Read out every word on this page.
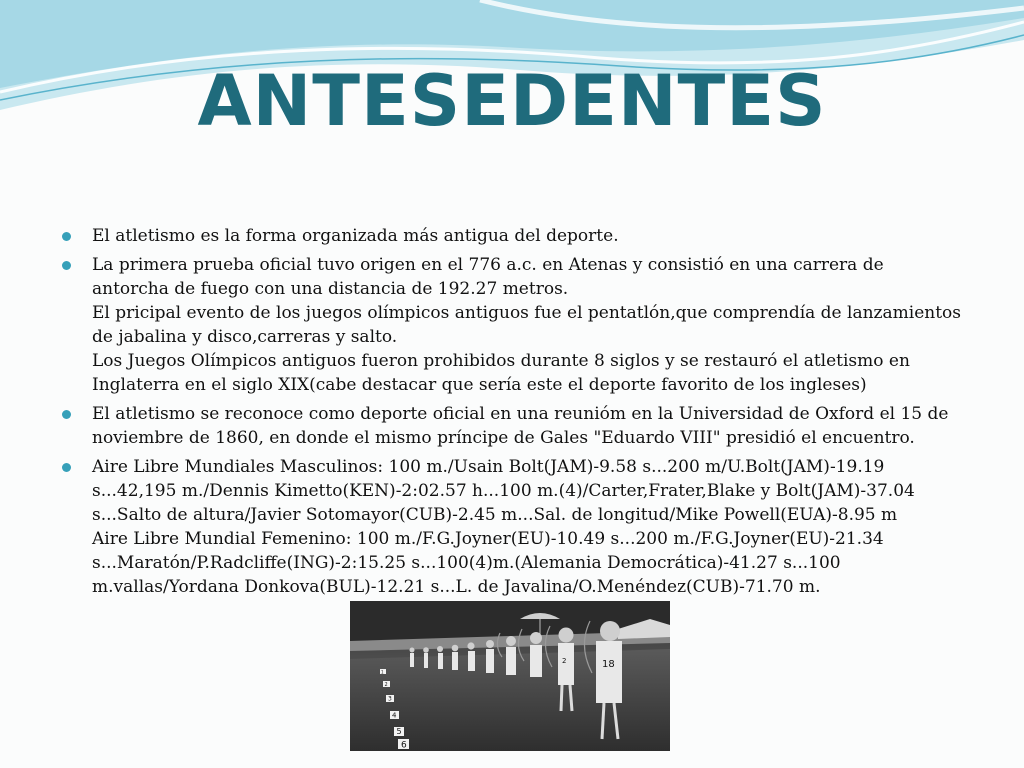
ANTESEDENTES
El atletismo es la forma organizada más antigua del deporte.
La primera prueba oficial tuvo origen en el 776 a.c. en Atenas y consistió en una carrera de antorcha de fuego con una distancia de 192.27 metros.
El pricipal evento de los juegos olímpicos antiguos fue el pentatlón,que comprendía de lanzamientos de jabalina y disco,carreras y salto.
Los Juegos Olímpicos antiguos fueron prohibidos durante 8 siglos y se restauró el atletismo en Inglaterra en el siglo XIX(cabe destacar que sería este el deporte favorito de los ingleses)
El atletismo se reconoce como deporte oficial en una reunióm en la Universidad de Oxford el 15 de noviembre de 1860, en donde el mismo príncipe de Gales "Eduardo VIII" presidió el encuentro.
Aire Libre Mundiales Masculinos: 100 m./Usain Bolt(JAM)-9.58 s...200 m/U.Bolt(JAM)-19.19 s...42,195 m./Dennis Kimetto(KEN)-2:02.57 h...100 m.(4)/Carter,Frater,Blake y Bolt(JAM)-37.04 s...Salto de altura/Javier Sotomayor(CUB)-2.45 m...Sal. de longitud/Mike Powell(EUA)-8.95 m
Aire Libre Mundial Femenino: 100 m./F.G.Joyner(EU)-10.49 s...200 m./F.G.Joyner(EU)-21.34 s...Maratón/P.Radcliffe(ING)-2:15.25 s...100(4)m.(Alemania Democrática)-41.27 s...100 m.vallas/Yordana Donkova(BUL)-12.21 s...L. de Javalina/O.Menéndez(CUB)-71.70 m.
1
2
3
4
5
6
18
2
